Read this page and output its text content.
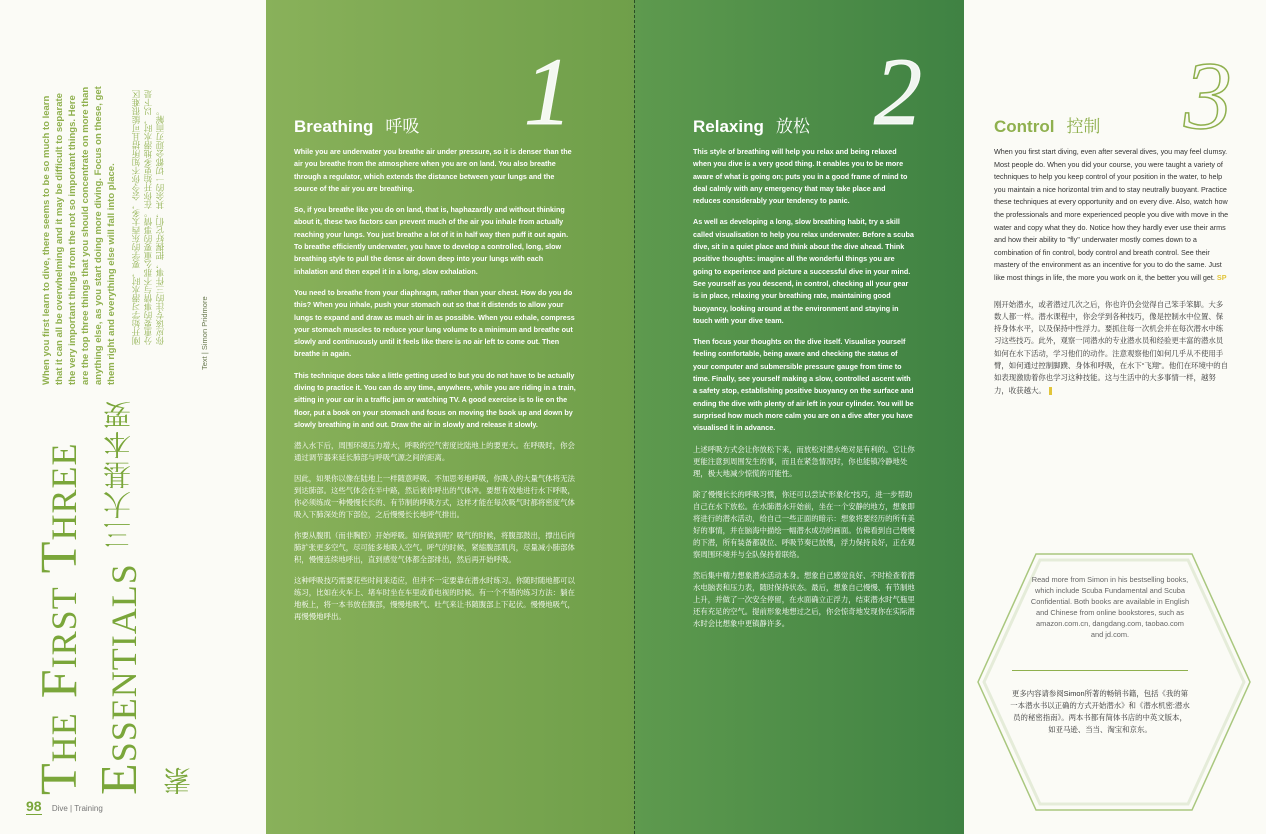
When you first learn to dive, there seems to be so much to learn that it can all be overwhelming and it may be difficult to separate the very important things from the not so important things. Here are the top three things that you should concentrate on more than anything else, as you start doing more diving. Focus on these, get them right and everything else will fall into place.	刚开始学习潜水时，要学的东西太多，会令你不知所措且可能很难区分重要的事情与不那么重要的事情。在你开始更多地潜水时，以下是你应该专注的三件事，把握好它们，其余的一切都会迎刃而解。	Text | Simon Pridmore
The First Three Essentials 三大基本要素
98 Dive | Training
1
Breathing 呼吸

While you are underwater you breathe air under pressure, so it is denser than the air you breathe from the atmosphere when you are on land. You also breathe through a regulator, which extends the distance between your lungs and the source of the air you are breathing.

So, if you breathe like you do on land, that is, haphazardly and without thinking about it, these two factors can prevent much of the air you inhale from actually reaching your lungs. You just breathe a lot of it in half way then puff it out again. To breathe efficiently underwater, you have to develop a controlled, long, slow breathing style to pull the dense air down deep into your lungs with each inhalation and then expel it in a long, slow exhalation.

You need to breathe from your diaphragm, rather than your chest. How do you do this? When you inhale, push your stomach out so that it distends to allow your lungs to expand and draw as much air in as possible. When you exhale, compress your stomach muscles to reduce your lung volume to a minimum and breathe out slowly and continuously until it feels like there is no air left to come out. Then breathe in again.

This technique does take a little getting used to but you do not have to be actually diving to practice it. You can do any time, anywhere, while you are riding in a train, sitting in your car in a traffic jam or watching TV. A good exercise is to lie on the floor, put a book on your stomach and focus on moving the book up and down by slowly breathing in and out. Draw the air in slowly and release it slowly.

潜入水下后，周围环境压力增大，呼吸的空气密度比陆地上的要更大。在呼吸时，你会通过调节器来延长肺部与呼吸气源之间的距离。

因此，如果你以像在陆地上一样随意呼吸、不加思考地呼吸，你吸入的大量气体将无法到达肺部。这些气体会在半中路，然后被你呼出的气体冲。要想有效地进行水下呼吸，你必须练成一种慢慢长长的、有节制的呼吸方式，这样才能在每次吸气时都将密度气体吸入下肺深处的下部位，之后慢慢长长地呼气排出。

你要从腹肌（而非胸腔）开始呼吸。如何做到呢？吸气的时候，将腹部鼓出，撑出后向肺扩张更多空气，尽可能多地吸入空气。呼气的时候，紧缩腹部肌肉，尽量减小肺部体积，慢慢连续地呼出，直到感觉气体都全部排出，然后再开始呼吸。

这种呼吸技巧需要花些时间来适应，但并不一定要靠在潜水时练习。你随时随地都可以练习，比如在火车上、堵车时坐在车里或看电视的时候。有一个不错的练习方法：躺在地板上，将一本书放在腹部，慢慢地吸气、吐气来让书随腹部上下起伏。慢慢地吸气，再慢慢地呼出。

2
Relaxing 放松

This style of breathing will help you relax and being relaxed when you dive is a very good thing. It enables you to be more aware of what is going on; puts you in a good frame of mind to deal calmly with any emergency that may take place and reduces considerably your tendency to panic.

As well as developing a long, slow breathing habit, try a skill called visualisation to help you relax underwater. Before a scuba dive, sit in a quiet place and think about the dive ahead. Think positive thoughts: imagine all the wonderful things you are going to experience and picture a successful dive in your mind. See yourself as you descend, in control, checking all your gear is in place, relaxing your breathing rate, maintaining good buoyancy, looking around at the environment and staying in touch with your dive team.

Then focus your thoughts on the dive itself. Visualise yourself feeling comfortable, being aware and checking the status of your computer and submersible pressure gauge from time to time. Finally, see yourself making a slow, controlled ascent with a safety stop, establishing positive buoyancy on the surface and ending the dive with plenty of air left in your cylinder. You will be surprised how much more calm you are on a dive after you have visualised it in advance.

上述呼吸方式会让你放松下来，而放松对潜水绝对是有利的。它让你更能注意到周围发生的事，而且在紧急情况时，你也能镇冷静地处理，极大地减少惊慌的可能性。

除了慢慢长长的呼吸习惯，你还可以尝试“形象化”技巧，进一步帮助自己在水下放松。在水肺潜水开始前，坐在一个安静的地方，想象即将进行的潜水活动，给自己一些正面的暗示：想象将要经历的所有美好的事情，并在脑海中描绘一幅潜水成功的画面。仿佛看到自己慢慢的下潜，所有装备都就位、呼吸节奏已放慢，浮力保持良好，正在观察周围环境并与全队保持着联络。

然后集中精力想象潜水活动本身。想象自己感觉良好、不时检查着潜水电脑表和压力表，随时保持状态。最后，想象自己慢慢、有节制地上升，并做了一次安全停留，在水面确立正浮力，结束潜水时气瓶里还有充足的空气。提前形象地想过之后，你会惊奇地发现你在实际潜水时会比想象中更镇静许多。

3
Control 控制

When you first start diving, even after several dives, you may feel clumsy. Most people do. When you did your course, you were taught a variety of techniques to help you keep control of your position in the water, to help you maintain a nice horizontal trim and to stay neutrally buoyant. Practice these techniques at every opportunity and on every dive. Also, watch how the professionals and more experienced people you dive with move in the water and copy what they do. Notice how they hardly ever use their arms and how their ability to "fly" underwater mostly comes down to a combination of fin control, body control and breath control. See their mastery of the environment as an incentive for you to do the same. Just like most things in life, the more you work on it, the better you will get. SP

刚开始潜水，或者潜过几次之后，你也许仍会觉得自己笨手笨脚。大多数人都一样。潜水课程中，你会学到各种技巧，像是控制水中位置、保持身体水平，以及保持中性浮力。要抓住每一次机会并在每次潜水中练习这些技巧。此外，观察一同潜水的专业潜水员和经验更丰富的潜水员如何在水下活动，学习他们的动作。注意观察他们如何几乎从不使用手臂，如何通过控制脚蹼、身体和呼吸，在水下“飞翔”。他们在环境中的自如表现激励着你也学习这种技能。这与生活中的大多事情一样，越努力，收获越大。

Read more from Simon in his bestselling books, which include Scuba Fundamental and Scuba Confidential. Both books are available in English and Chinese from online bookstores, such as amazon.com.cn, dangdang.com, taobao.com and jd.com.
更多内容请参阅Simon所著的畅销书籍，包括《我的第一本潜水书以正确的方式开始潜水》和《潜水机密:潜水员的秘密指南》。两本书都有简体书店的中英文版本，如亚马逊、当当、淘宝和京东。
